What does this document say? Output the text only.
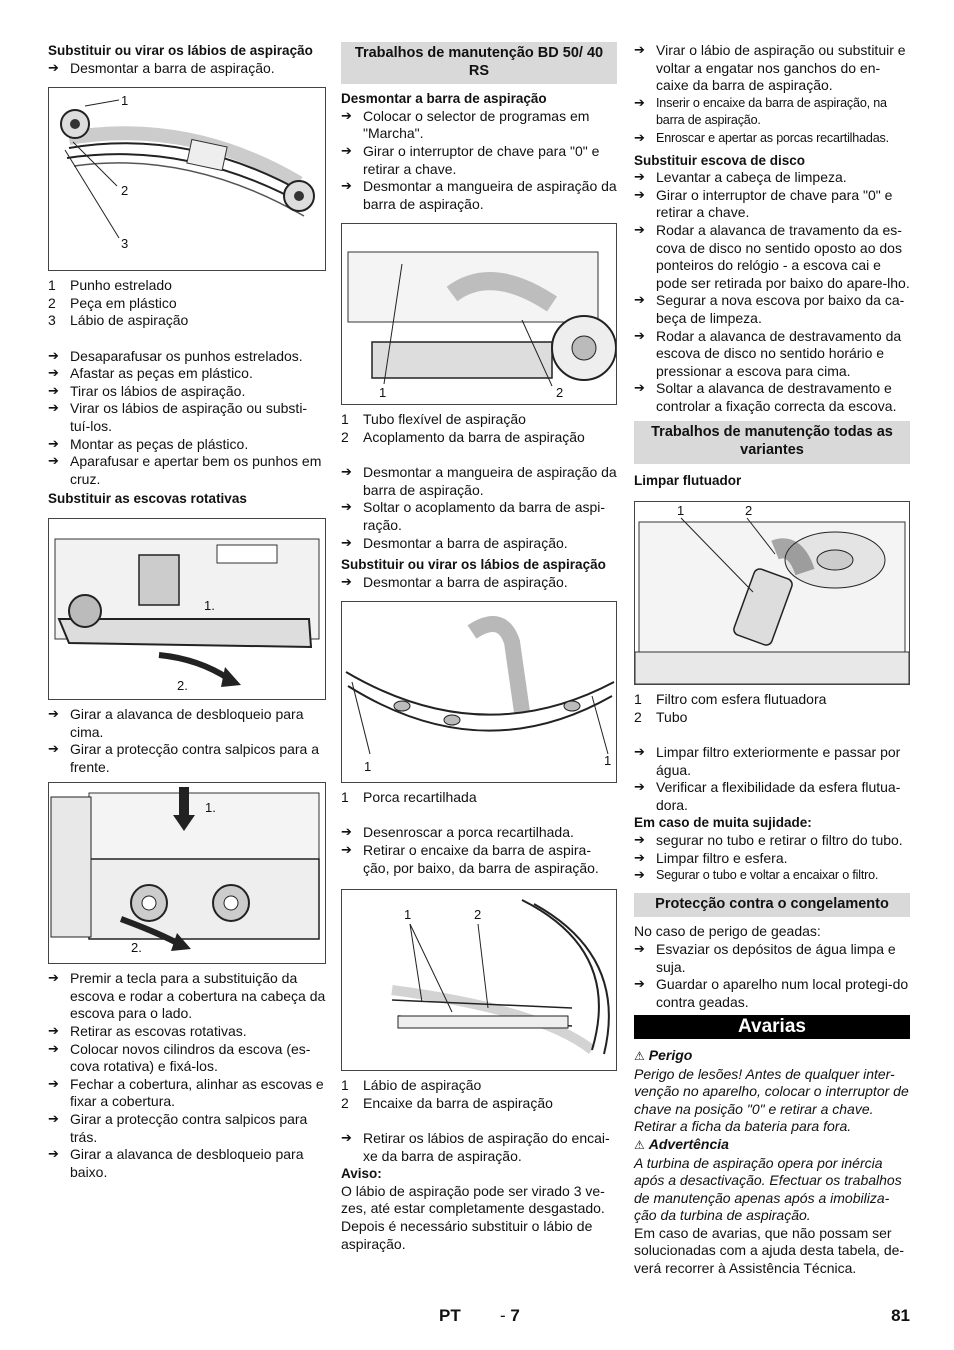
Substituir ou virar os lábios de aspiração

➔ Desmontar a barra de aspiração.
1
2
3
1 Punho estrelado
2 Peça em plástico
3 Lábio de aspiração
➔ Desaparafusar os punhos estrelados.
➔ Afastar as peças em plástico.
➔ Tirar os lábios de aspiração.
➔ Virar os lábios de aspiração ou substi-tuí-los.
➔ Montar as peças de plástico.
➔ Aparafusar e apertar bem os punhos em cruz.

Substituir as escovas rotativas

1.
2.
➔ Girar a alavanca de desbloqueio para cima.
➔ Girar a protecção contra salpicos para a frente.
1.
2.
➔ Premir a tecla para a substituição da escova e rodar a cobertura na cabeça da escova para o lado.
➔ Retirar as escovas rotativas.
➔ Colocar novos cilindros da escova (es-cova rotativa) e fixá-los.
➔ Fechar a cobertura, alinhar as escovas e fixar a cobertura.
➔ Girar a protecção contra salpicos para trás.
➔ Girar a alavanca de desbloqueio para baixo.
Trabalhos de manutenção BD 50/ 40 RS

Desmontar a barra de aspiração

➔ Colocar o selector de programas em "Marcha".
➔ Girar o interruptor de chave para "0" e retirar a chave.
➔ Desmontar a mangueira de aspiração da barra de aspiração.
1	2
1 Tubo flexível de aspiração
2 Acoplamento da barra de aspiração
➔ Desmontar a mangueira de aspiração da barra de aspiração.
➔ Soltar o acoplamento da barra de aspi-ração.
➔ Desmontar a barra de aspiração.

Substituir ou virar os lábios de aspiração

➔ Desmontar a barra de aspiração.
1	1
1 Porca recartilhada
➔ Desenroscar a porca recartilhada.
➔ Retirar o encaixe da barra de aspira-ção, por baixo, da barra de aspiração.
1	2
1 Lábio de aspiração
2 Encaixe da barra de aspiração
➔ Retirar os lábios de aspiração do encai-xe da barra de aspiração.

Aviso:

O lábio de aspiração pode ser virado 3 ve-zes, até estar completamente desgastado. Depois é necessário substituir o lábio de aspiração.

➔ Virar o lábio de aspiração ou substituir e voltar a engatar nos ganchos do en-caixe da barra de aspiração.
➔ Inserir o encaixe da barra de aspiração, na barra de aspiração.
➔ Enroscar e apertar as porcas recartilhadas.

Substituir escova de disco

➔ Levantar a cabeça de limpeza.
➔ Girar o interruptor de chave para "0" e retirar a chave.
➔ Rodar a alavanca de travamento da es-cova de disco no sentido oposto ao dos ponteiros do relógio - a escova cai e pode ser retirada por baixo do apare-lho.
➔ Segurar a nova escova por baixo da ca-beça de limpeza.
➔ Rodar a alavanca de destravamento da escova de disco no sentido horário e pressionar a escova para cima.
➔ Soltar a alavanca de destravamento e controlar a fixação correcta da escova.
Trabalhos de manutenção todas as variantes

Limpar flutuador

1	2
1 Filtro com esfera flutuadora
2 Tubo
➔ Limpar filtro exteriormente e passar por água.
➔ Verificar a flexibilidade da esfera flutua-dora.

Em caso de muita sujidade:

➔ segurar no tubo e retirar o filtro do tubo.
➔ Limpar filtro e esfera.
➔ Segurar o tubo e voltar a encaixar o filtro.
Protecção contra o congelamento

No caso de perigo de geadas:

➔ Esvaziar os depósitos de água limpa e suja.
➔ Guardar o aparelho num local protegi-do contra geadas.
Avarias

⚠ Perigo

Perigo de lesões! Antes de qualquer inter-venção no aparelho, colocar o interruptor de chave na posição "0" e retirar a chave. Retirar a ficha da bateria para fora.

⚠ Advertência

A turbina de aspiração opera por inércia após a desactivação. Efectuar os trabalhos de manutenção apenas após a imobiliza-ção da turbina de aspiração.

Em caso de avarias, que não possam ser solucionadas com a ajuda desta tabela, de-verá recorrer à Assistência Técnica.

PT - 7	81
